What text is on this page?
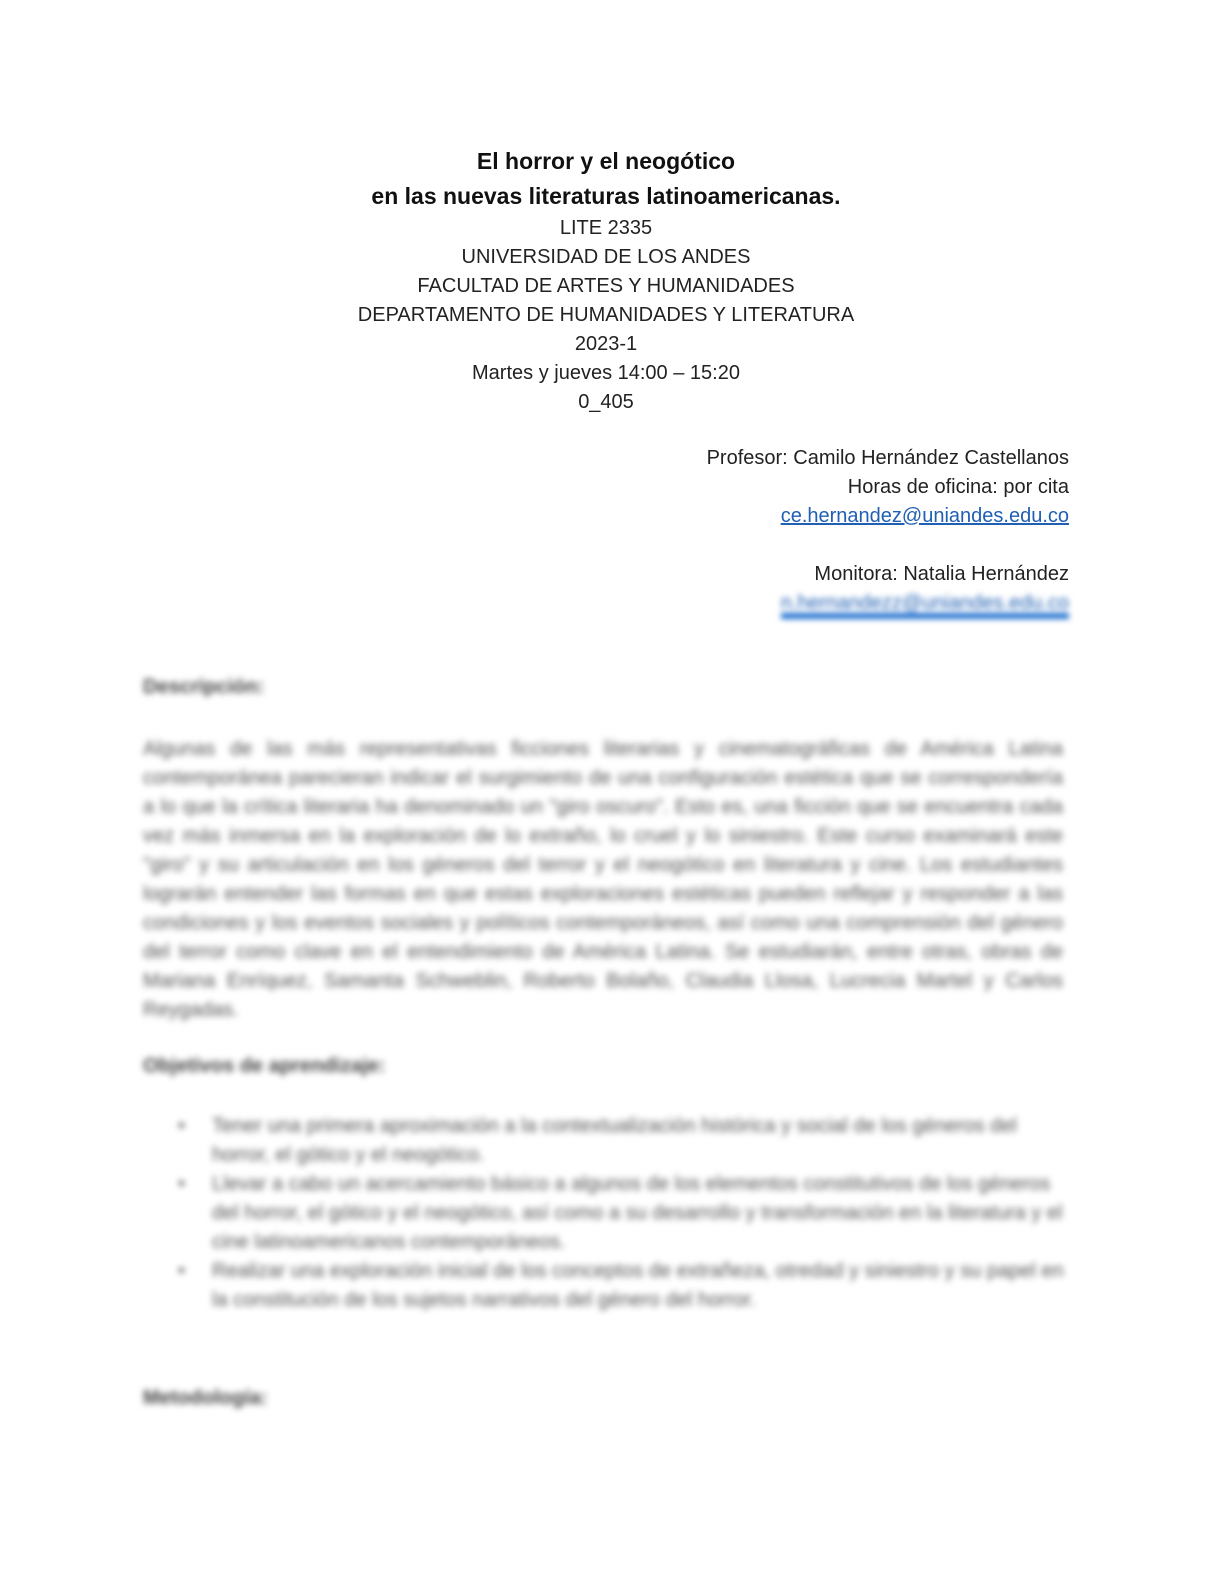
El horror y el neogótico
en las nuevas literaturas latinoamericanas.
LITE 2335
UNIVERSIDAD DE LOS ANDES
FACULTAD DE ARTES Y HUMANIDADES
DEPARTAMENTO DE HUMANIDADES Y LITERATURA
2023-1
Martes y jueves 14:00 – 15:20
0_405
Profesor: Camilo Hernández Castellanos
Horas de oficina: por cita
ce.hernandez@uniandes.edu.co
Monitora: Natalia Hernández
n.hernandezz@uniandes.edu.co
Descripción:
Algunas de las más representativas ficciones literarias y cinematográficas de América Latina contemporánea parecieran indicar el surgimiento de una configuración estética que se correspondería a lo que la crítica literaria ha denominado un "giro oscuro". Esto es, una ficción que se encuentra cada vez más inmersa en la exploración de lo extraño, lo cruel y lo siniestro. Este curso examinará este "giro" y su articulación en los géneros del terror y el neogótico en literatura y cine. Los estudiantes lograrán entender las formas en que estas exploraciones estéticas pueden reflejar y responder a las condiciones y los eventos sociales y políticos contemporáneos, así como una comprensión del género del terror como clave en el entendimiento de América Latina. Se estudiarán, entre otras, obras de Mariana Enríquez, Samanta Schweblin, Roberto Bolaño, Claudia Llosa, Lucrecia Martel y Carlos Reygadas.
Objetivos de aprendizaje:
• Tener una primera aproximación a la contextualización histórica y social de los géneros del horror, el gótico y el neogótico.
• Llevar a cabo un acercamiento básico a algunos de los elementos constitutivos de los géneros del horror, el gótico y el neogótico, así como a su desarrollo y transformación en la literatura y el cine latinoamericanos contemporáneos.
• Realizar una exploración inicial de los conceptos de extrañeza, otredad y siniestro y su papel en la constitución de los sujetos narrativos del género del horror.
Metodología:
